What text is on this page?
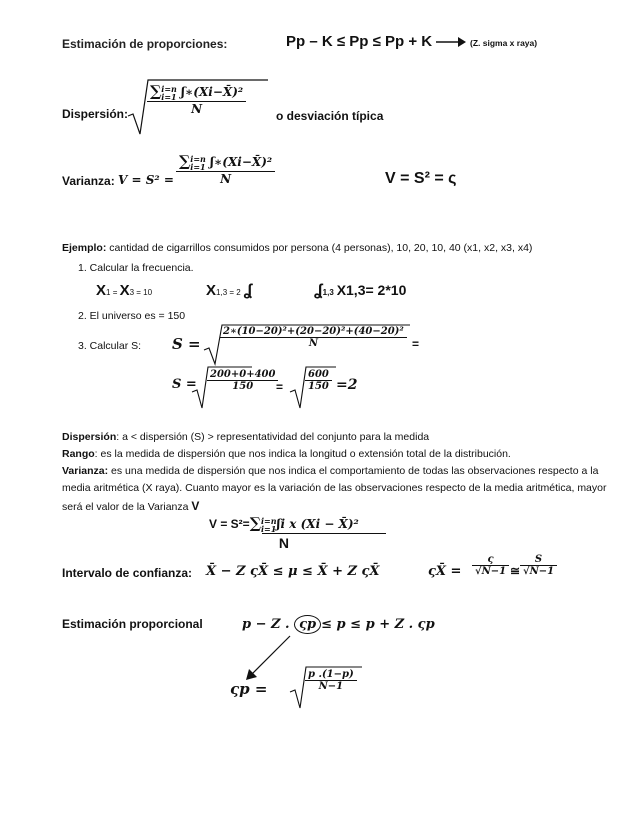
Estimación de proporciones:	Pp – K ≤ Pp ≤ Pp + K	(Z. sigma x raya)
Dispersión: ∑ i=n
i=1 ʃ∗(Xi−X̄)²
N
o desviación típica
Varianza: V = S² = ∑ i=n
i=1 ʃ∗(Xi−X̄)²
N	V = S² = ς
Ejemplo: cantidad de cigarrillos consumidos por persona (4 personas), 10, 20, 10, 40 (x1, x2, x3, x4)
1. Calcular la frecuencia.
X1 = X3 = 10	X1,3 = 2 ʆ	ʆ1,3 X1,3= 2*10
2. El universo es = 150
3. Calcular S: $S = \frac{\text{2∗(10−20)²+(20−20)²+(40−20)²}}{N}$ =
$S = \frac{200+0+400}{150}$
= $\frac{600}{150} =2$
Dispersión: a < dispersión (S) > representatividad del conjunto para la medida
Rango: es la medida de dispersión que nos indica la longitud o extensión total de la distribución.
Varianza: es una medida de dispersión que nos indica el comportamiento de todas las observaciones respecto a la
media aritmética (X raya). Cuanto mayor es la variación de las observaciones respecto de la media aritmética, mayor
será el valor de la Varianza V
V = S²=∑ i=n
i=1 ʃi x (Xi − X̄)²
N
Intervalo de confianza: X̄ − Z ςX̄ ≤ μ ≤ X̄ + Z ςX̄	ςX̄ = $\frac{\varsigma}{√N-1}$ ≅ $\frac{S}{√N-1}$
Estimación proporcional	p − Z . ςp ≤ p ≤ p + Z . ςp
ςp =	$\frac{p .(1-p)}{N-1}$
